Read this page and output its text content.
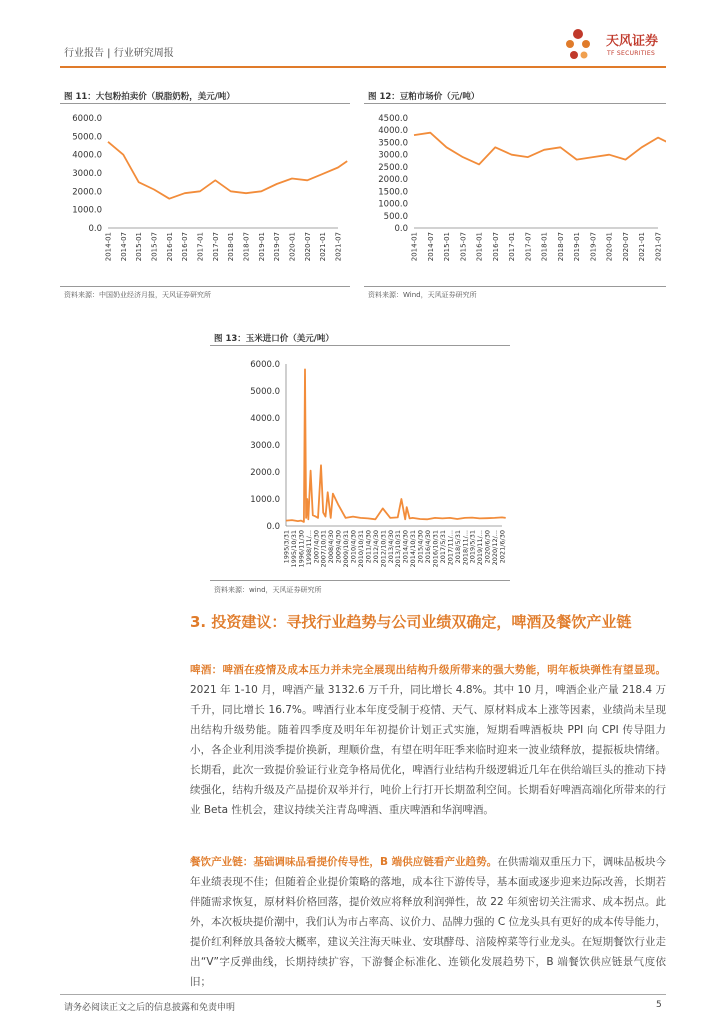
行业报告 | 行业研究周报
天风证券
TF SECURITIES
图 11：大包粉拍卖价（脱脂奶粉，美元/吨）
0.0
1000.0
2000.0
3000.0
4000.0
5000.0
6000.0
2014-01 2014-07 2015-01 2015-07 2016-01 2016-07 2017-01 2017-07 2018-01 2018-07 2019-01 2019-07 2020-01 2020-07 2021-01 2021-07
资料来源：中国奶业经济月报，天风证券研究所
图 12：豆粕市场价（元/吨）
0.0
500.0
1000.0
1500.0
2000.0
2500.0
3000.0
3500.0
4000.0
4500.0
2014-01 2014-07 2015-01 2015-07 2016-01 2016-07 2017-01 2017-07 2018-01 2018-07 2019-01 2019-07 2020-01 2020-07 2021-01 2021-07
资料来源：Wind，天风证券研究所
图 13：玉米进口价（美元/吨）
0.0
1000.0
2000.0
3000.0
4000.0
5000.0
6000.0
1995/3/31 1995/10/31 1996/11/30 1998/11/... 2007/4/30 2007/10/31 2008/4/30 2009/4/30 2009/10/31 2010/4/30 2010/10/31 2011/4/30 2012/4/30 2012/10/31 2013/4/30 2013/10/31 2014/4/30 2014/10/31 2015/4/30 2016/4/30 2016/10/31 2017/5/31 2017/11/... 2018/5/31 2018/11/... 2019/5/31 2019/11/... 2020/6/30 2020/12/... 2021/6/30
资料来源：wind，天风证券研究所
3. 投资建议：寻找行业趋势与公司业绩双确定，啤酒及餐饮产业链
啤酒：啤酒在疫情及成本压力并未完全展现出结构升级所带来的强大势能，明年板块弹性有望显现。2021 年 1-10 月，啤酒产量 3132.6 万千升，同比增长 4.8%。其中 10 月，啤酒企业产量 218.4 万千升，同比增长 16.7%。啤酒行业本年度受制于疫情、天气、原材料成本上涨等因素，业绩尚未呈现出结构升级势能。随着四季度及明年年初提价计划正式实施，短期看啤酒板块 PPI 向 CPI 传导阻力小，各企业利用淡季提价换新，理顺价盘，有望在明年旺季来临时迎来一波业绩释放，提振板块情绪。长期看，此次一致提价验证行业竞争格局优化，啤酒行业结构升级逻辑近几年在供给端巨头的推动下持续强化，结构升级及产品提价双举并行，吨价上行打开长期盈利空间。长期看好啤酒高端化所带来的行业 Beta 性机会，建议持续关注青岛啤酒、重庆啤酒和华润啤酒。
餐饮产业链：基础调味品看提价传导性，B 端供应链看产业趋势。在供需端双重压力下，调味品板块今年业绩表现不佳；但随着企业提价策略的落地，成本往下游传导，基本面或逐步迎来边际改善，长期若伴随需求恢复，原材料价格回落，提价效应将释放利润弹性，故 22 年须密切关注需求、成本拐点。此外，本次板块提价潮中，我们认为市占率高、议价力、品牌力强的 C 位龙头具有更好的成本传导能力，提价红利释放具备较大概率，建议关注海天味业、安琪酵母、涪陵榨菜等行业龙头。在短期餐饮行业走出“V”字反弹曲线，长期持续扩容，下游餐企标准化、连锁化发展趋势下，B 端餐饮供应链景气度依旧；
请务必阅读正文之后的信息披露和免责申明	5
